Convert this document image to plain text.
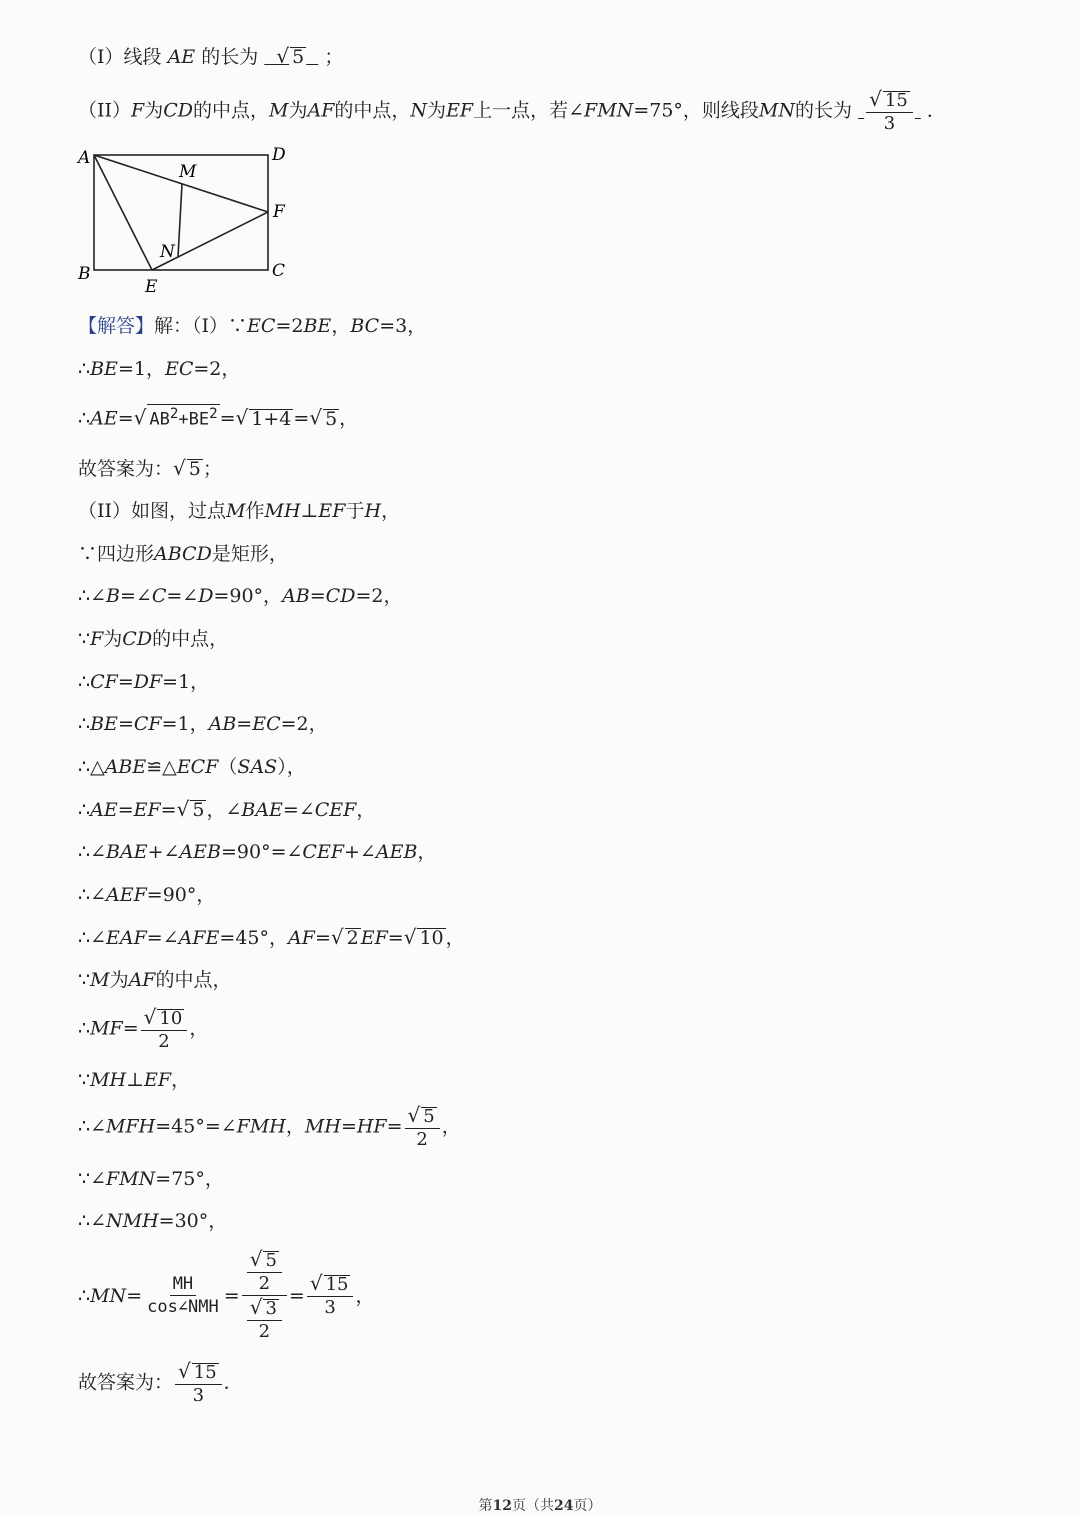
（I）线段 AE 的长为 √ 5 ；
（II）F为CD的中点，M为AF的中点，N为EF上一点，若∠FMN=75°，则线段MN的长为 $\frac{√ 15}{3}$ ．
A	D
B	C
E
F
M
N
【解答】解：（I）∵EC=2BE，BC=3，
∴BE=1，EC=2，
∴AE=√ $AB^2+BE^2$ =√ 1+4 =√ 5 ，
故答案为：√ 5 ；
（II）如图，过点M作MH⊥EF于H，
∵四边形ABCD是矩形，
∴∠B=∠C=∠D=90°，AB=CD=2，
∵F为CD的中点，
∴CF=DF=1，
∴BE=CF=1，AB=EC=2，
∴△ABE≌△ECF（SAS），
∴AE=EF=√ 5 ，∠BAE=∠CEF，
∴∠BAE+∠AEB=90°=∠CEF+∠AEB，
∴∠AEF=90°，
∴∠EAF=∠AFE=45°，AF=√ 2 EF=√ 10 ，
∵M为AF的中点，
∴MF= $\frac{√ 10}{2}$ ，
∵MH⊥EF，
∴∠MFH=45°=∠FMH，$MH=HF= \frac{√ 5}{2}$ ，
∵∠FMN=75°，
∴∠NMH=30°，
∴MN= $\frac{MH}{\text{cos∠NMH}} = \frac{\frac{√ 5}{2}}{\frac{√ 3}{2}} = \frac{√ 15}{3}$ ，
故答案为： $\frac{√ 15}{3}$ ．
第12页（共24页）
